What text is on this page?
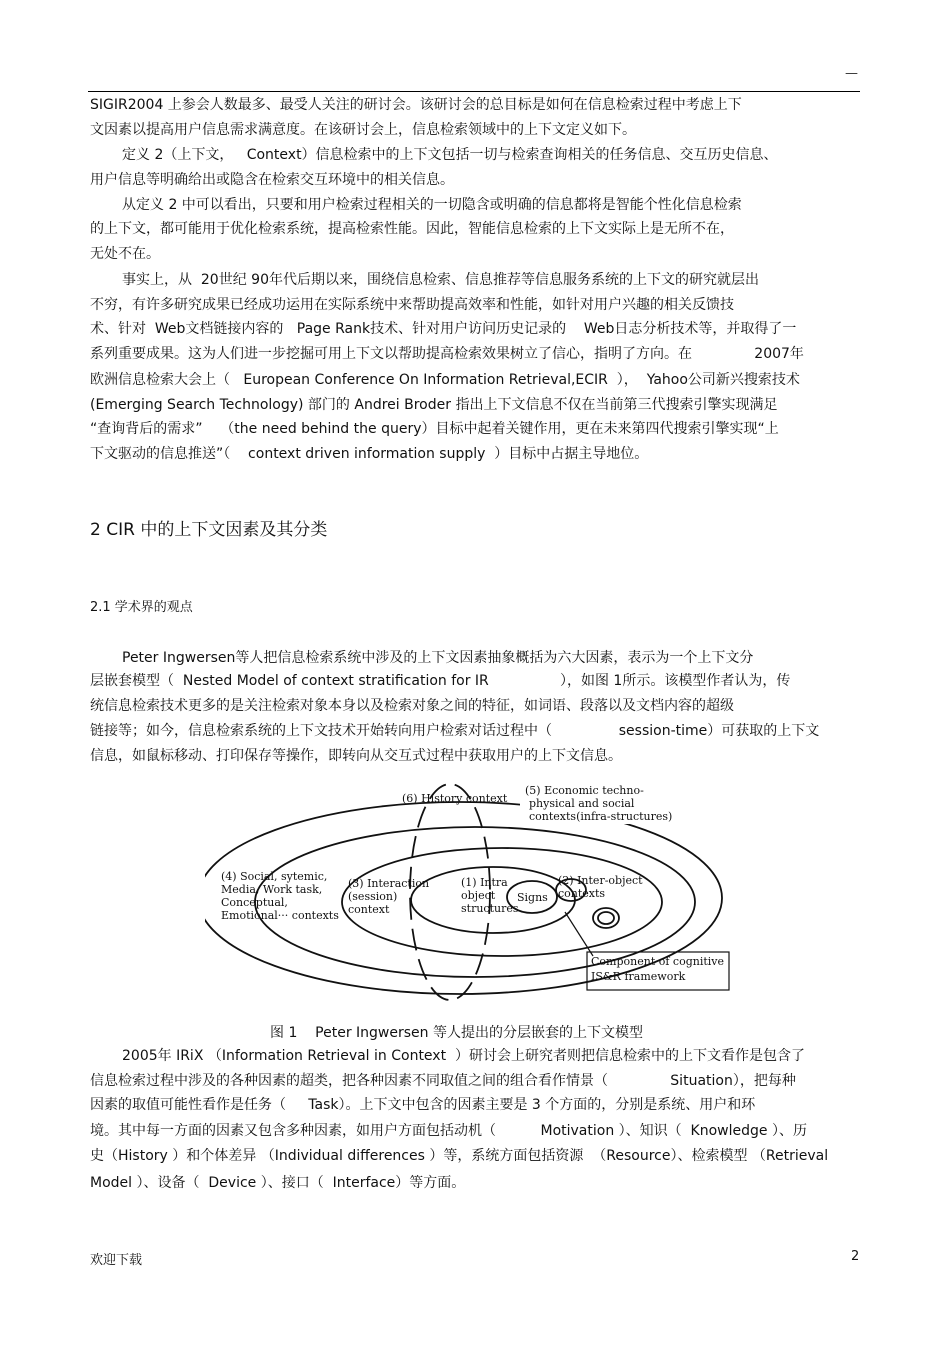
—
SIGIR2004 上参会人数最多、最受人关注的研讨会。该研讨会的总目标是如何在信息检索过程中考虑上下
文因素以提高用户信息需求满意度。在该研讨会上，信息检索领域中的上下文定义如下。
定义 2（上下文，   Context）信息检索中的上下文包括一切与检索查询相关的任务信息、交互历史信息、
用户信息等明确给出或隐含在检索交互环境中的相关信息。
从定义 2 中可以看出，只要和用户检索过程相关的一切隐含或明确的信息都将是智能个性化信息检索
的上下文，都可能用于优化检索系统，提高检索性能。因此，智能信息检索的上下文实际上是无所不在，
无处不在。
事实上，从  20世纪 90年代后期以来，围绕信息检索、信息推荐等信息服务系统的上下文的研究就层出
不穷，有许多研究成果已经成功运用在实际系统中来帮助提高效率和性能，如针对用户兴趣的相关反馈技
术、针对  Web文档链接内容的   Page Rank技术、针对用户访问历史记录的    Web日志分析技术等，并取得了一
系列重要成果。这为人们进一步挖掘可用上下文以帮助提高检索效果树立了信心，指明了方向。在              2007年
欧洲信息检索大会上（   European Conference On Information Retrieval,ECIR  ），  Yahoo公司新兴搜索技术
(Emerging Search Technology) 部门的 Andrei Broder 指出上下文信息不仅在当前第三代搜索引擎实现满足
“查询背后的需求”    （the need behind the query）目标中起着关键作用，更在未来第四代搜索引擎实现“上
下文驱动的信息推送”（    context driven information supply  ）目标中占据主导地位。
2 CIR 中的上下文因素及其分类
2.1 学术界的观点
Peter Ingwersen等人把信息检索系统中涉及的上下文因素抽象概括为六大因素，表示为一个上下文分
层嵌套模型（  Nested Model of context stratification for IR                ），如图 1所示。该模型作者认为，传
统信息检索技术更多的是关注检索对象本身以及检索对象之间的特征，如词语、段落以及文档内容的超级
链接等；如今，信息检索系统的上下文技术开始转向用户检索对话过程中（               session-time）可获取的上下文
信息，如鼠标移动、打印保存等操作，即转向从交互式过程中获取用户的上下文信息。
(6) History context
(5) Economic techno-
physical and social
contexts(infra-structures)
(4) Social, sytemic,
Media, Work task,
Conceptual,
Emotional··· contexts
(3) Interaction
(session)
context
(1) Intra
object
structures
Signs
(2) Inter-object
contexts
Component of cognitive
IS&R framework
图 1    Peter Ingwersen 等人提出的分层嵌套的上下文模型
2005年 IRiX （Information Retrieval in Context  ）研讨会上研究者则把信息检索中的上下文看作是包含了
信息检索过程中涉及的各种因素的超类，把各种因素不同取值之间的组合看作情景（              Situation），把每种
因素的取值可能性看作是任务（     Task）。上下文中包含的因素主要是 3 个方面的，分别是系统、用户和环
境。其中每一方面的因素又包含多种因素，如用户方面包括动机（          Motivation ）、知识（  Knowledge ）、历
史（History ）和个体差异 （Individual differences ）等，系统方面包括资源  （Resource）、检索模型 （Retrieval
Model ）、设备（  Device ）、接口（  Interface）等方面。
欢迎下载	2
